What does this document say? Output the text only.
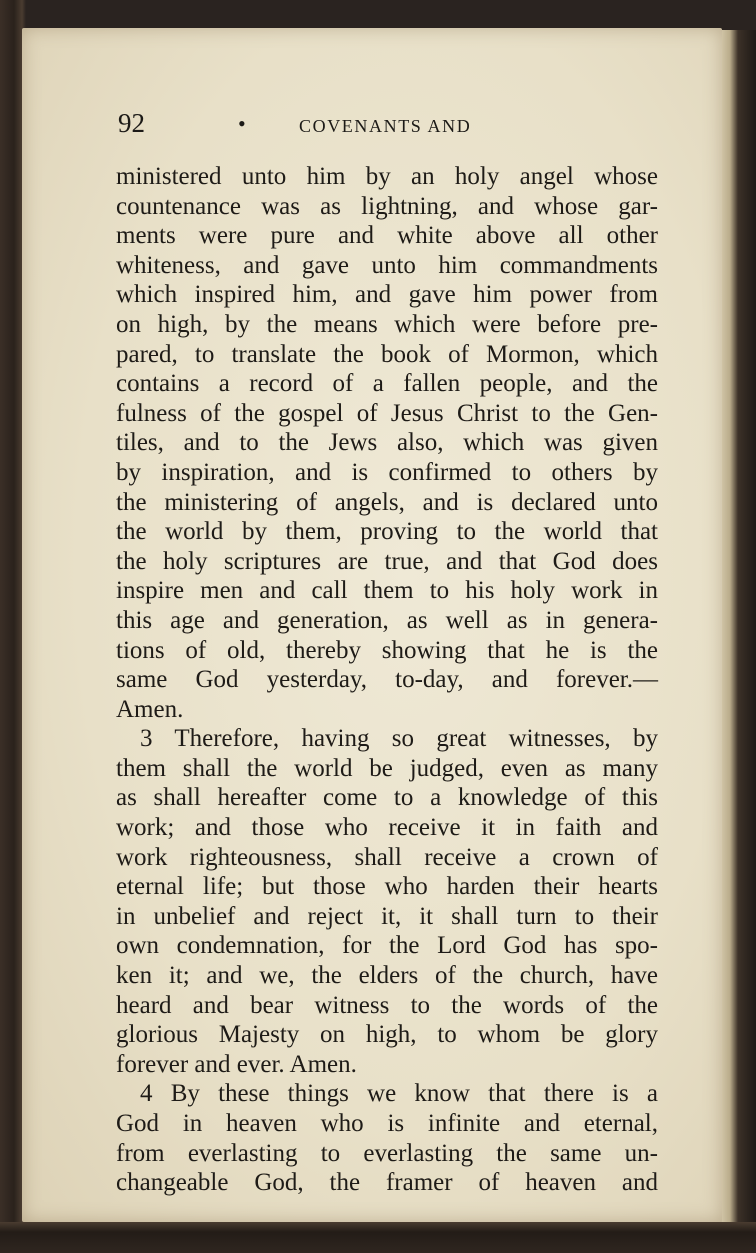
92	•	COVENANTS AND
ministered unto him by an holy angel whose
countenance was as lightning, and whose gar-
ments were pure and white above all other
whiteness, and gave unto him commandments
which inspired him, and gave him power from
on high, by the means which were before pre-
pared, to translate the book of Mormon, which
contains a record of a fallen people, and the
fulness of the gospel of Jesus Christ to the Gen-
tiles, and to the Jews also, which was given
by inspiration, and is confirmed to others by
the ministering of angels, and is declared unto
the world by them, proving to the world that
the holy scriptures are true, and that God does
inspire men and call them to his holy work in
this age and generation, as well as in genera-
tions of old, thereby showing that he is the
same God yesterday, to-day, and forever.—
Amen.
3 Therefore, having so great witnesses, by
them shall the world be judged, even as many
as shall hereafter come to a knowledge of this
work; and those who receive it in faith and
work righteousness, shall receive a crown of
eternal life; but those who harden their hearts
in unbelief and reject it, it shall turn to their
own condemnation, for the Lord God has spo-
ken it; and we, the elders of the church, have
heard and bear witness to the words of the
glorious Majesty on high, to whom be glory
forever and ever. Amen.
4 By these things we know that there is a
God in heaven who is infinite and eternal,
from everlasting to everlasting the same un-
changeable God, the framer of heaven and
